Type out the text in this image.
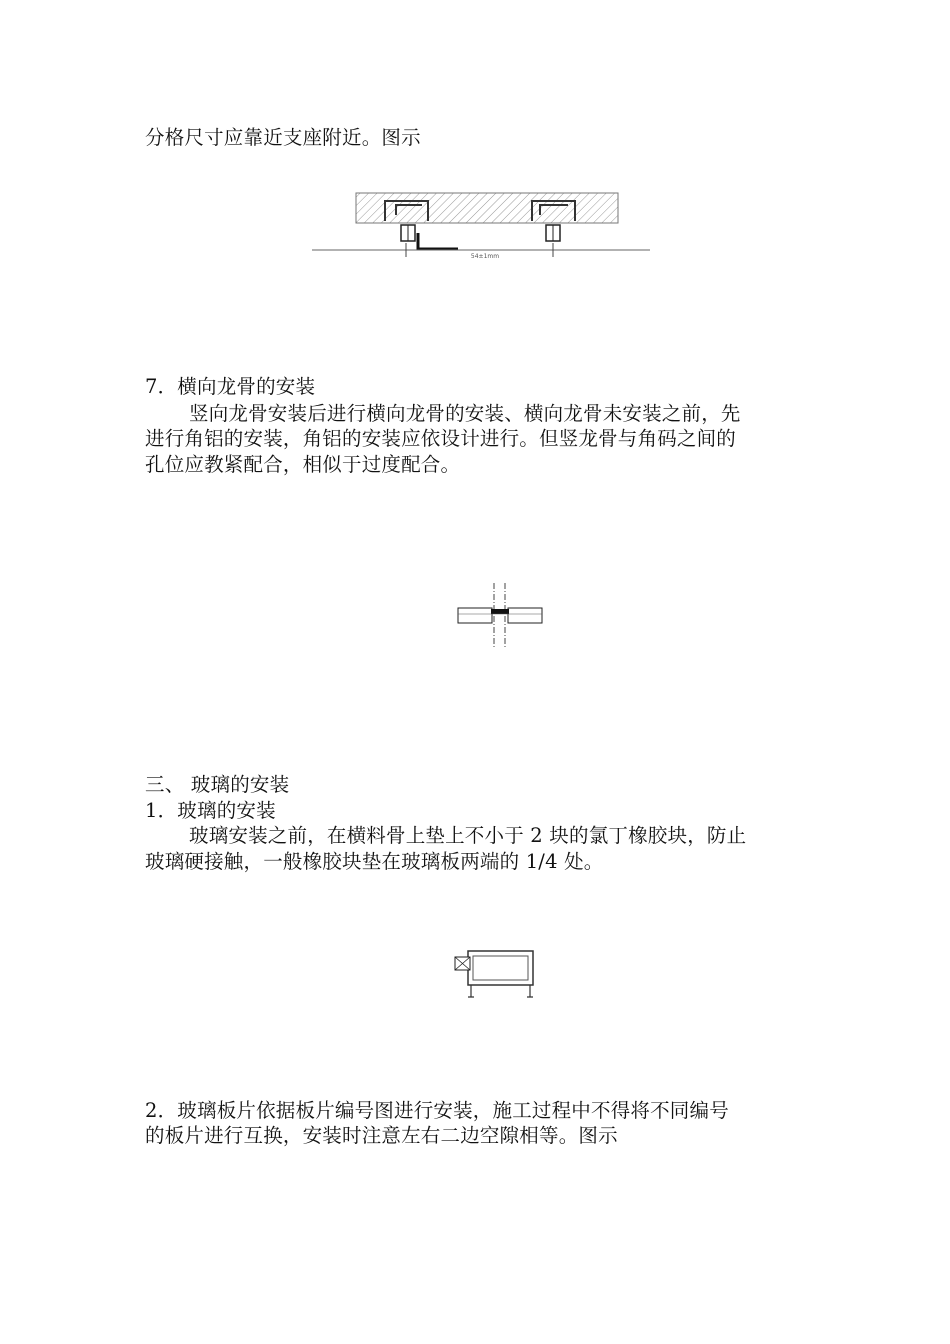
分格尺寸应靠近支座附近。图示
54±1mm
7．横向龙骨的安装
竖向龙骨安装后进行横向龙骨的安装、横向龙骨未安装之前，先
进行角铝的安装，角铝的安装应依设计进行。但竖龙骨与角码之间的
孔位应教紧配合，相似于过度配合。
三、 玻璃的安装
1．玻璃的安装
玻璃安装之前，在横料骨上垫上不小于 2 块的氯丁橡胶块，防止
玻璃硬接触，一般橡胶块垫在玻璃板两端的 1/4 处。
2．玻璃板片依据板片编号图进行安装，施工过程中不得将不同编号
的板片进行互换，安装时注意左右二边空隙相等。图示
